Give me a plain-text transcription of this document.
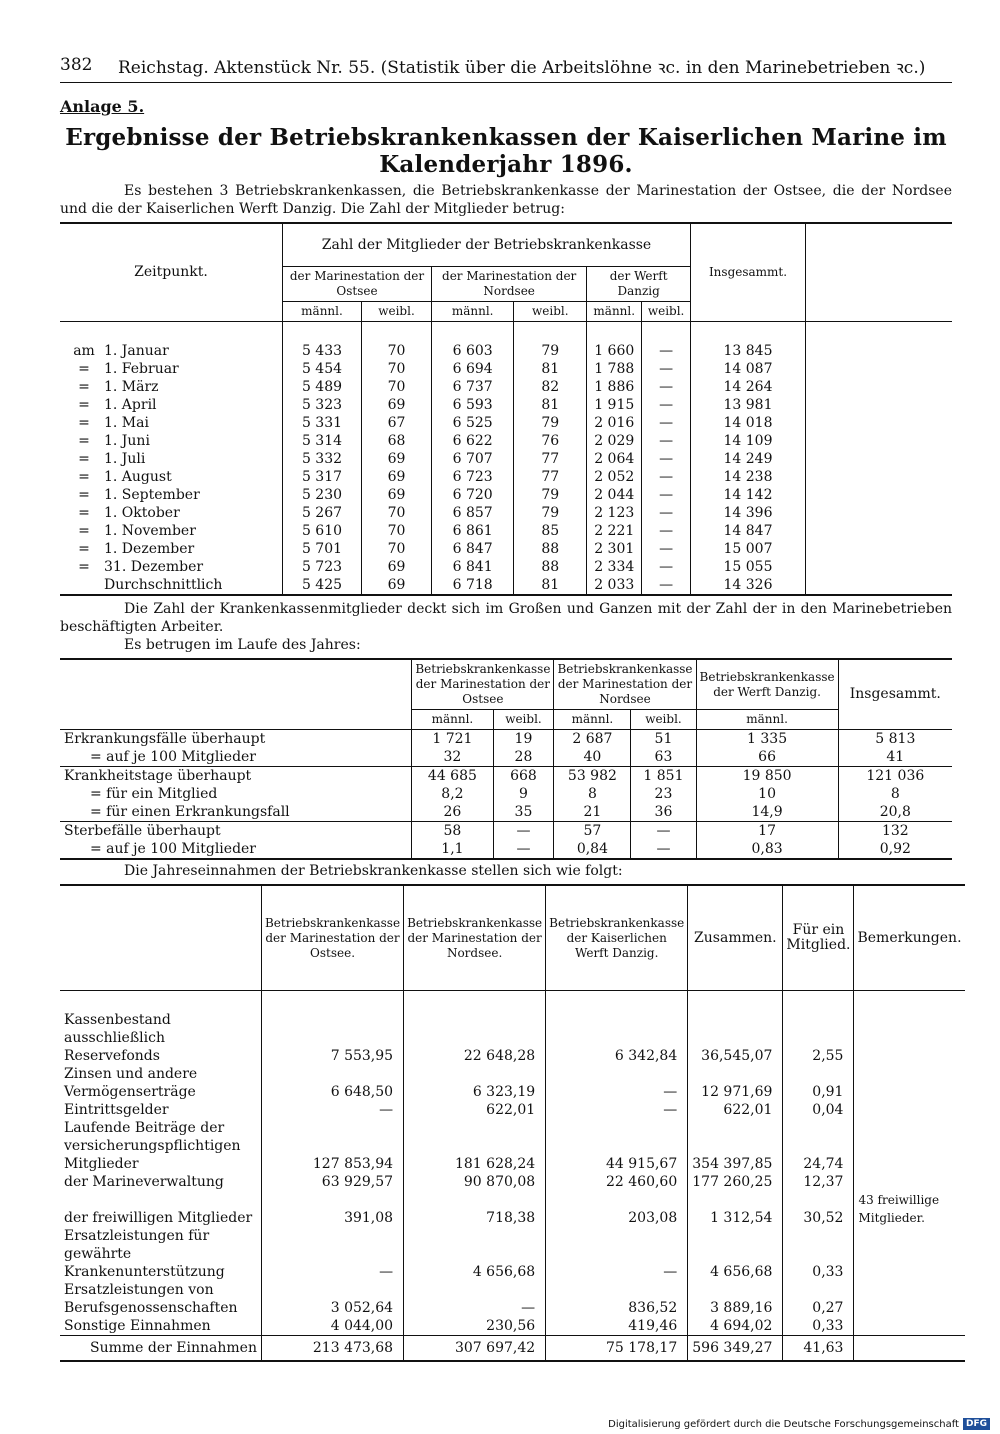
382	Reichstag. Aktenstück Nr. 55. (Statistik über die Arbeitslöhne ꝛc. in den Marinebetrieben ꝛc.)
Anlage 5.
Ergebnisse der Betriebskrankenkassen der Kaiserlichen Marine im Kalenderjahr 1896.
Es bestehen 3 Betriebskrankenkassen, die Betriebskrankenkasse der Marinestation der Ostsee, die der Nordsee und die der Kaiserlichen Werft Danzig. Die Zahl der Mitglieder betrug:
Zeitpunkt.	Zahl der Mitglieder der Betriebskrankenkasse						Insgesammt.	
	der Marinestation der Ostsee		der Marinestation der Nordsee		der Werft Danzig			
	männl.	weibl.	männl.	weibl.	männl.	weibl.		
am 1. Januar	5 433	70	6 603	79	1 660	—	13 845	
= 1. Februar	5 454	70	6 694	81	1 788	—	14 087	
= 1. März	5 489	70	6 737	82	1 886	—	14 264	
= 1. April	5 323	69	6 593	81	1 915	—	13 981	
= 1. Mai	5 331	67	6 525	79	2 016	—	14 018	
= 1. Juni	5 314	68	6 622	76	2 029	—	14 109	
= 1. Juli	5 332	69	6 707	77	2 064	—	14 249	
= 1. August	5 317	69	6 723	77	2 052	—	14 238	
= 1. September	5 230	69	6 720	79	2 044	—	14 142	
= 1. Oktober	5 267	70	6 857	79	2 123	—	14 396	
= 1. November	5 610	70	6 861	85	2 221	—	14 847	
= 1. Dezember	5 701	70	6 847	88	2 301	—	15 007	
= 31. Dezember	5 723	69	6 841	88	2 334	—	15 055	
Durchschnittlich	5 425	69	6 718	81	2 033	—	14 326	
Die Zahl der Krankenkassenmitglieder deckt sich im Großen und Ganzen mit der Zahl der in den Marinebetrieben beschäftigten Arbeiter.
Es betrugen im Laufe des Jahres:
	Betriebskrankenkasse der Marinestation der Ostsee		Betriebskrankenkasse der Marinestation der Nordsee		Betriebskrankenkasse der Werft Danzig.	Insgesammt.
	männl.	weibl.	männl.	weibl.	männl.	
Erkrankungsfälle überhaupt	1 721	19	2 687	51	1 335	5 813
= auf je 100 Mitglieder	32	28	40	63	66	41
Krankheitstage überhaupt	44 685	668	53 982	1 851	19 850	121 036
= für ein Mitglied	8,2	9	8	23	10	8
= für einen Erkrankungsfall	26	35	21	36	14,9	20,8
Sterbefälle überhaupt	58	—	57	—	17	132
= auf je 100 Mitglieder	1,1	—	0,84	—	0,83	0,92
Die Jahreseinnahmen der Betriebskrankenkasse stellen sich wie folgt:
	Betriebskrankenkasse der Marinestation der Ostsee.	Betriebskrankenkasse der Marinestation der Nordsee.	Betriebskrankenkasse der Kaiserlichen Werft Danzig.	Zusammen.	Für ein Mitglied.	Bemerkungen.
Kassenbestand ausschließlich Reservefonds	7 553,95	22 648,28	6 342,84	36,545,07	2,55	
Zinsen und andere Vermögenserträge	6 648,50	6 323,19	—	12 971,69	0,91	
Eintrittsgelder	—	622,01	—	622,01	0,04	
Laufende Beiträge der versicherungspflichtigen Mitglieder	127 853,94	181 628,24	44 915,67	354 397,85	24,74	
der Marineverwaltung	63 929,57	90 870,08	22 460,60	177 260,25	12,37	
der freiwilligen Mitglieder	391,08	718,38	203,08	1 312,54	30,52	43 freiwillige Mitglieder.
Ersatzleistungen für gewährte Krankenunterstützung	—	4 656,68	—	4 656,68	0,33	
Ersatzleistungen von Berufsgenossenschaften	3 052,64	—	836,52	3 889,16	0,27	
Sonstige Einnahmen	4 044,00	230,56	419,46	4 694,02	0,33	
Summe der Einnahmen	213 473,68	307 697,42	75 178,17	596 349,27	41,63	
Digitalisierung gefördert durch die Deutsche Forschungsgemeinschaft DFG
